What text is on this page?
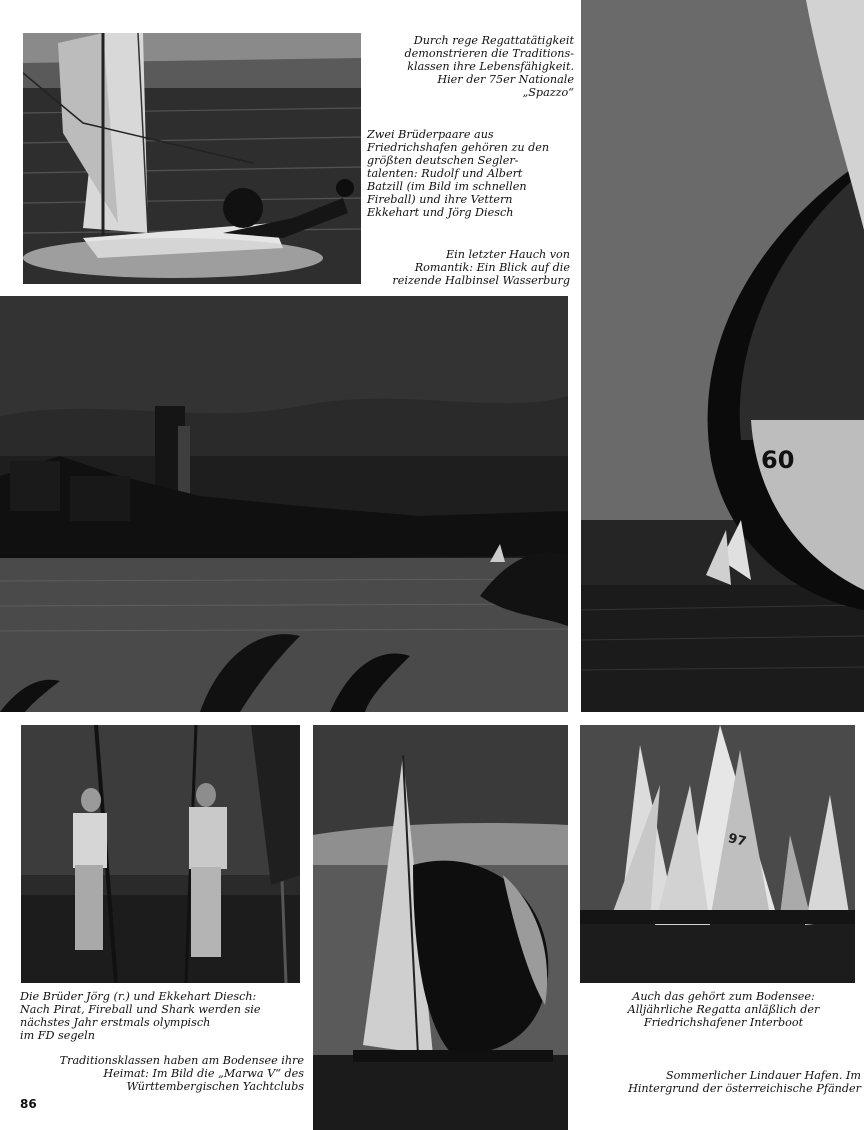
Durch rege Regattatätigkeit
demonstrieren die Traditions-
klassen ihre Lebensfähigkeit.
Hier der 75er Nationale
„Spazzo“
Zwei Brüderpaare aus
Friedrichshafen gehören zu den
größten deutschen Segler-
talenten: Rudolf und Albert
Batzill (im Bild im schnellen
Fireball) und ihre Vettern
Ekkehart und Jörg Diesch
Ein letzter Hauch von
Romantik: Ein Blick auf die
reizende Halbinsel Wasserburg
60
97
Die Brüder Jörg (r.) und Ekkehart Diesch:
Nach Pirat, Fireball und Shark werden sie
nächstes Jahr erstmals olympisch
im FD segeln
Traditionsklassen haben am Bodensee ihre
Heimat: Im Bild die „Marwa V“ des
Württembergischen Yachtclubs
Auch das gehört zum Bodensee:
Alljährliche Regatta anläßlich der
Friedrichshafener Interboot
Sommerlicher Lindauer Hafen. Im
Hintergrund der österreichische Pfänder
86
